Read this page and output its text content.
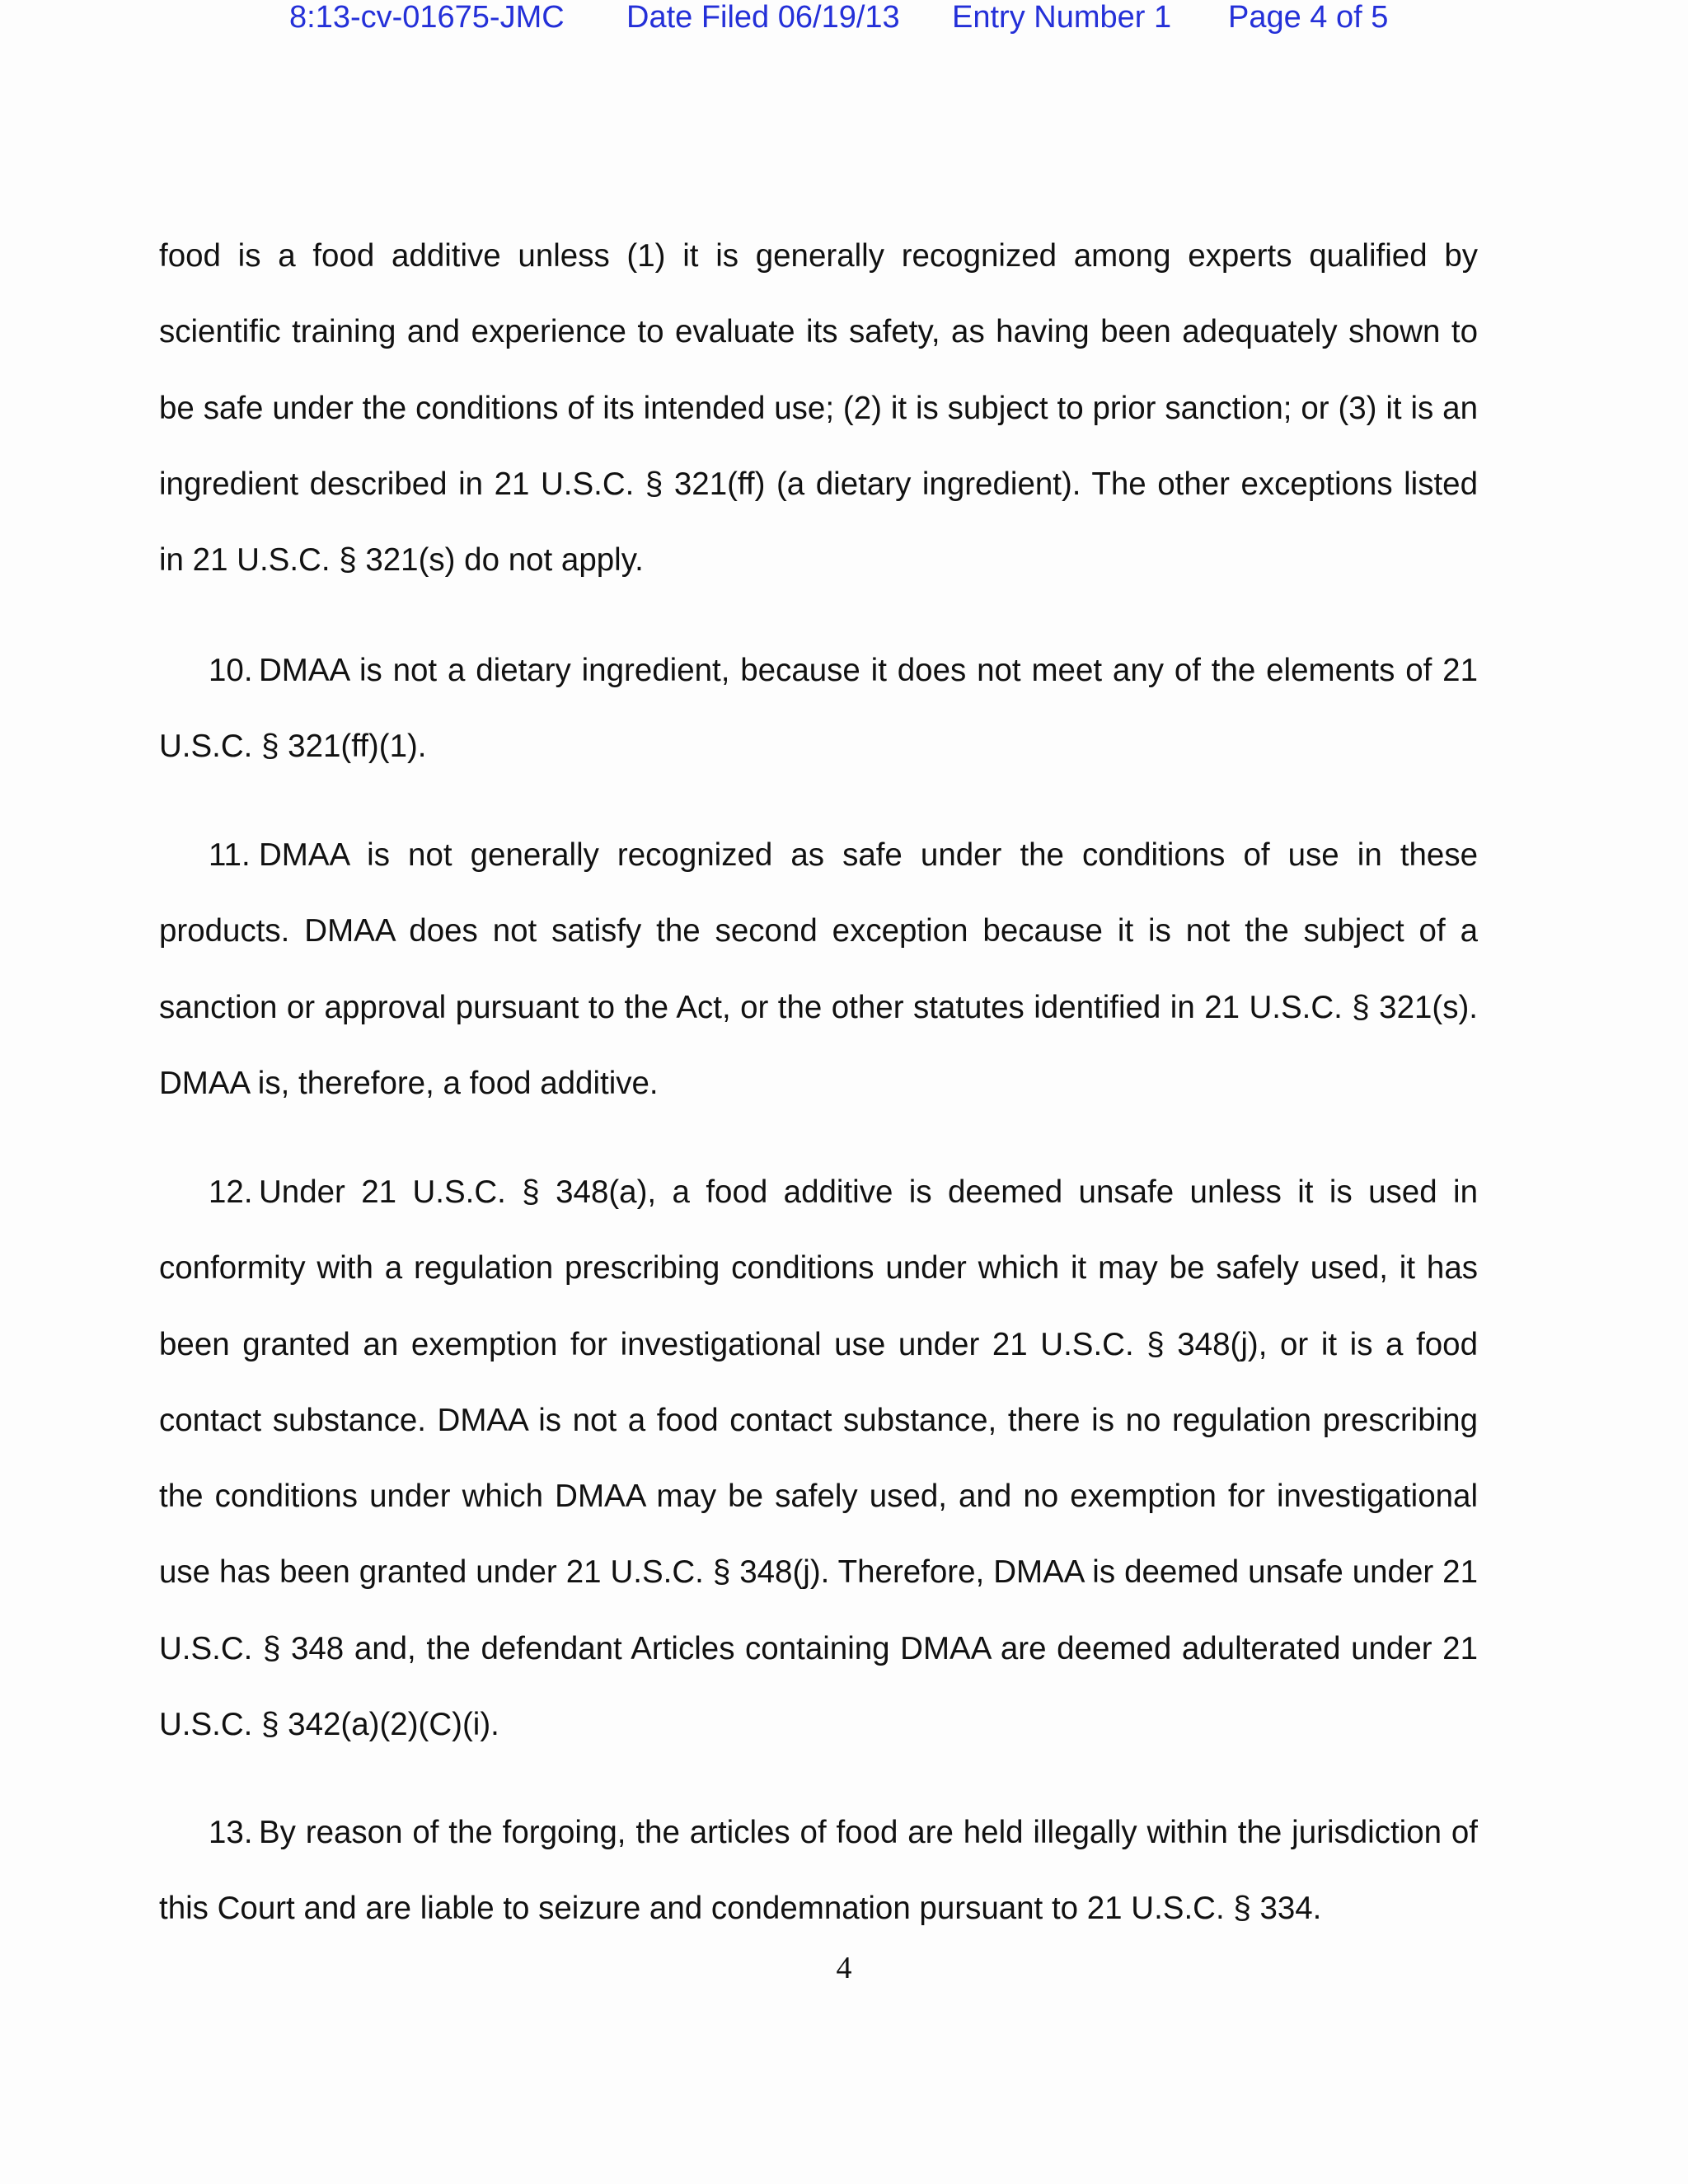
8:13-cv-01675-JMC Date Filed 06/19/13 Entry Number 1 Page 4 of 5

food is a food additive unless (1) it is generally recognized among experts qualified by scientific training and experience to evaluate its safety, as having been adequately shown to be safe under the conditions of its intended use; (2) it is subject to prior sanction; or (3) it is an ingredient described in 21 U.S.C. § 321(ff) (a dietary ingredient). The other exceptions listed in 21 U.S.C. § 321(s) do not apply.

10. DMAA is not a dietary ingredient, because it does not meet any of the elements of 21 U.S.C. § 321(ff)(1).

11. DMAA is not generally recognized as safe under the conditions of use in these products. DMAA does not satisfy the second exception because it is not the subject of a sanction or approval pursuant to the Act, or the other statutes identified in 21 U.S.C. § 321(s). DMAA is, therefore, a food additive.

12. Under 21 U.S.C. § 348(a), a food additive is deemed unsafe unless it is used in conformity with a regulation prescribing conditions under which it may be safely used, it has been granted an exemption for investigational use under 21 U.S.C. § 348(j), or it is a food contact substance. DMAA is not a food contact substance, there is no regulation prescribing the conditions under which DMAA may be safely used, and no exemption for investigational use has been granted under 21 U.S.C. § 348(j). Therefore, DMAA is deemed unsafe under 21 U.S.C. § 348 and, the defendant Articles containing DMAA are deemed adulterated under 21 U.S.C. § 342(a)(2)(C)(i).

13. By reason of the forgoing, the articles of food are held illegally within the jurisdiction of this Court and are liable to seizure and condemnation pursuant to 21 U.S.C. § 334.

4
